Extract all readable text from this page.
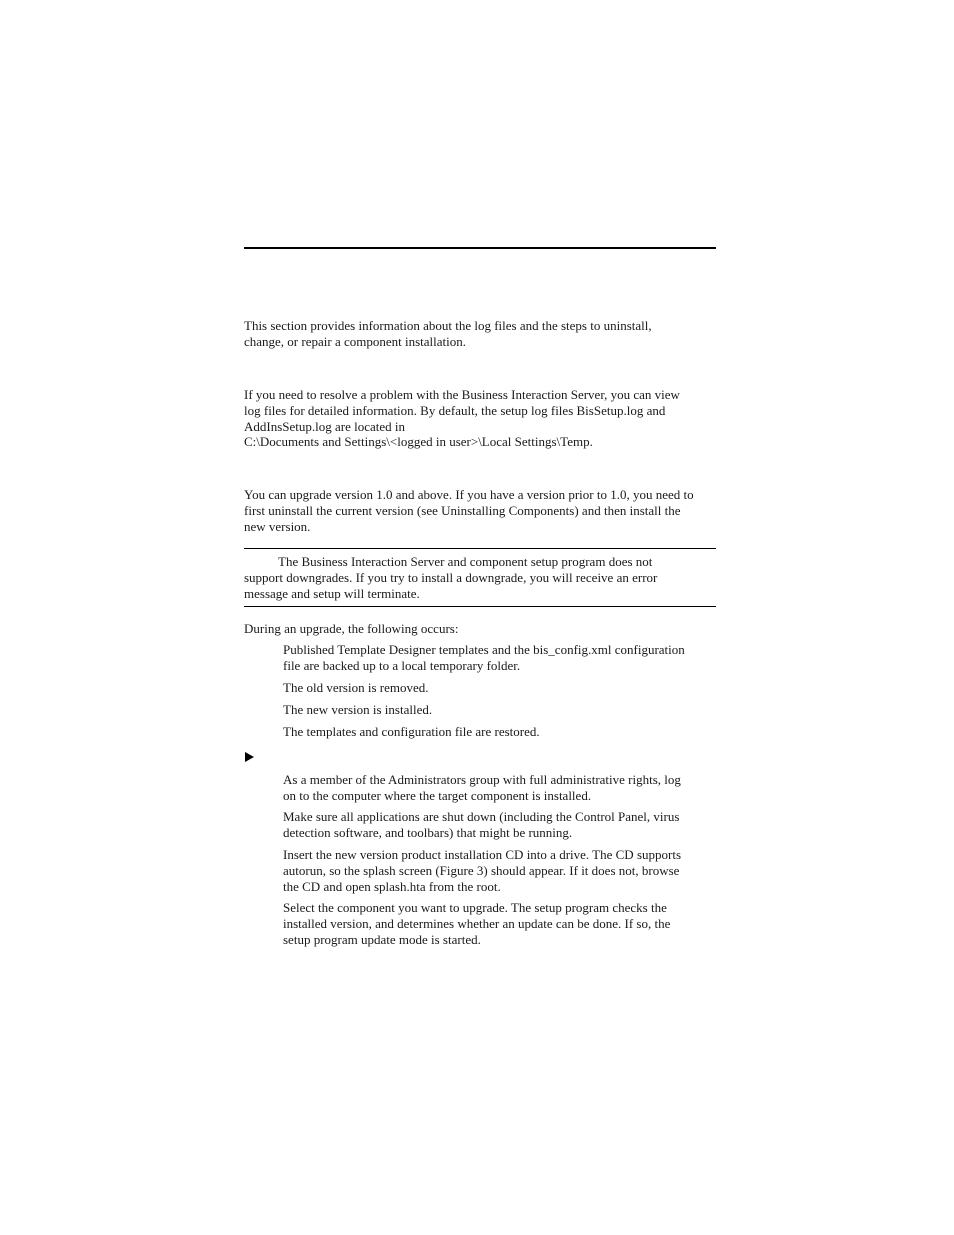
This section provides information about the log files and the steps to uninstall,
change, or repair a component installation.

If you need to resolve a problem with the Business Interaction Server, you can view
log files for detailed information. By default, the setup log files BisSetup.log and
AddInsSetup.log are located in
C:\Documents and Settings\<logged in user>\Local Settings\Temp.

You can upgrade version 1.0 and above. If you have a version prior to 1.0, you need to
first uninstall the current version (see Uninstalling Components) and then install the
new version.

The Business Interaction Server and component setup program does not
support downgrades. If you try to install a downgrade, you will receive an error
message and setup will terminate.

During an upgrade, the following occurs:

Published Template Designer templates and the bis_config.xml configuration
file are backed up to a local temporary folder.

The old version is removed.

The new version is installed.

The templates and configuration file are restored.

As a member of the Administrators group with full administrative rights, log
on to the computer where the target component is installed.

Make sure all applications are shut down (including the Control Panel, virus
detection software, and toolbars) that might be running.

Insert the new version product installation CD into a drive. The CD supports
autorun, so the splash screen (Figure 3) should appear. If it does not, browse
the CD and open splash.hta from the root.

Select the component you want to upgrade. The setup program checks the
installed version, and determines whether an update can be done. If so, the
setup program update mode is started.
